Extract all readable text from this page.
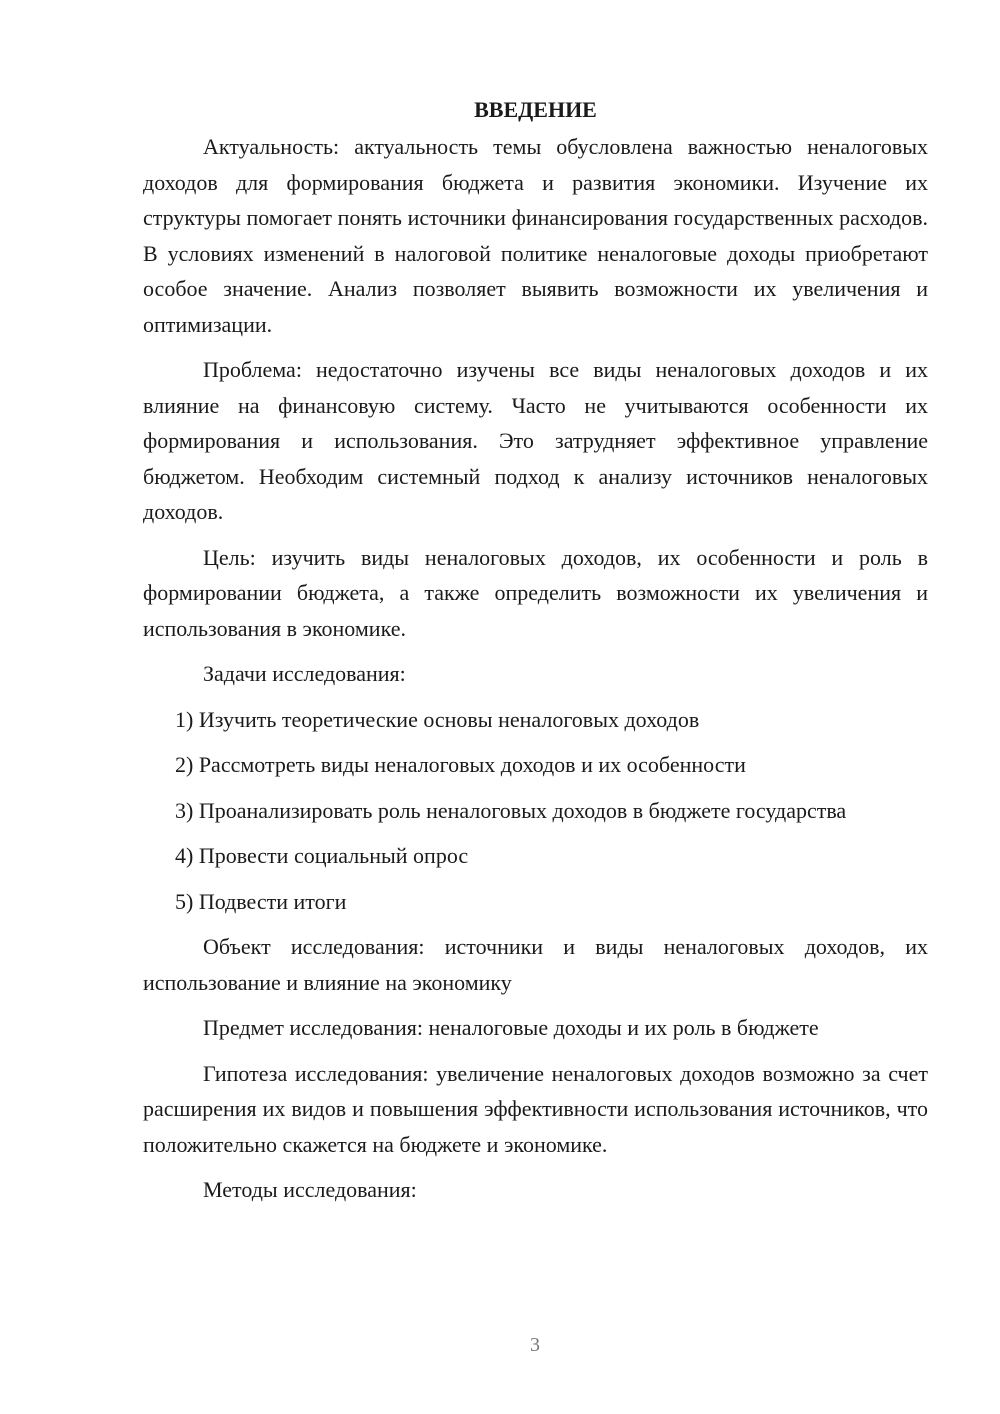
ВВЕДЕНИЕ

Актуальность: актуальность темы обусловлена важностью неналоговых доходов для формирования бюджета и развития экономики. Изучение их структуры помогает понять источники финансирования государственных расходов. В условиях изменений в налоговой политике неналоговые доходы приобретают особое значение. Анализ позволяет выявить возможности их увеличения и оптимизации.

Проблема: недостаточно изучены все виды неналоговых доходов и их влияние на финансовую систему. Часто не учитываются особенности их формирования и использования. Это затрудняет эффективное управление бюджетом. Необходим системный подход к анализу источников неналоговых доходов.

Цель: изучить виды неналоговых доходов, их особенности и роль в формировании бюджета, а также определить возможности их увеличения и использования в экономике.

Задачи исследования:

1) Изучить теоретические основы неналоговых доходов

2) Рассмотреть виды неналоговых доходов и их особенности

3) Проанализировать роль неналоговых доходов в бюджете государства

4) Провести социальный опрос

5) Подвести итоги

Объект исследования: источники и виды неналоговых доходов, их использование и влияние на экономику

Предмет исследования: неналоговые доходы и их роль в бюджете

Гипотеза исследования: увеличение неналоговых доходов возможно за счет расширения их видов и повышения эффективности использования источников, что положительно скажется на бюджете и экономике.

Методы исследования:

3
